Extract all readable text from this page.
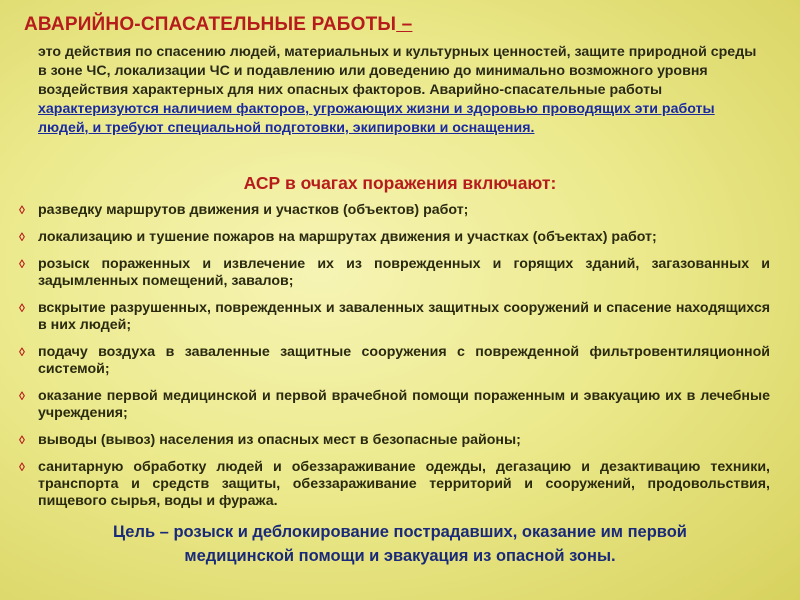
АВАРИЙНО-СПАСАТЕЛЬНЫЕ РАБОТЫ –
это действия по спасению людей, материальных и культурных ценностей, защите природной среды в зоне ЧС, локализации ЧС и подавлению или доведению до минимально возможного уровня воздействия характерных для них опасных факторов. Аварийно-спасательные работы характеризуются наличием факторов, угрожающих жизни и здоровью проводящих эти работы людей, и требуют специальной подготовки, экипировки и оснащения.
АСР в очагах поражения включают:
◊ разведку маршрутов движения и участков (объектов) работ;
◊ локализацию и тушение пожаров на маршрутах движения и участках (объектах) работ;
◊ розыск пораженных и извлечение их из поврежденных и горящих зданий, загазованных и задымленных помещений, завалов;
◊ вскрытие разрушенных, поврежденных и заваленных защитных сооружений и спасение находящихся в них людей;
◊ подачу воздуха в заваленные защитные сооружения с поврежденной фильтровентиляционной системой;
◊ оказание первой медицинской и первой врачебной помощи пораженным и эвакуацию их в лечебные учреждения;
◊ выводы (вывоз) населения из опасных мест в безопасные районы;
◊ санитарную обработку людей и обеззараживание одежды, дегазацию и дезактивацию техники, транспорта и средств защиты, обеззараживание территорий и сооружений, продовольствия, пищевого сырья, воды и фуража.
Цель – розыск и деблокирование пострадавших, оказание им первой
медицинской помощи и эвакуация из опасной зоны.
